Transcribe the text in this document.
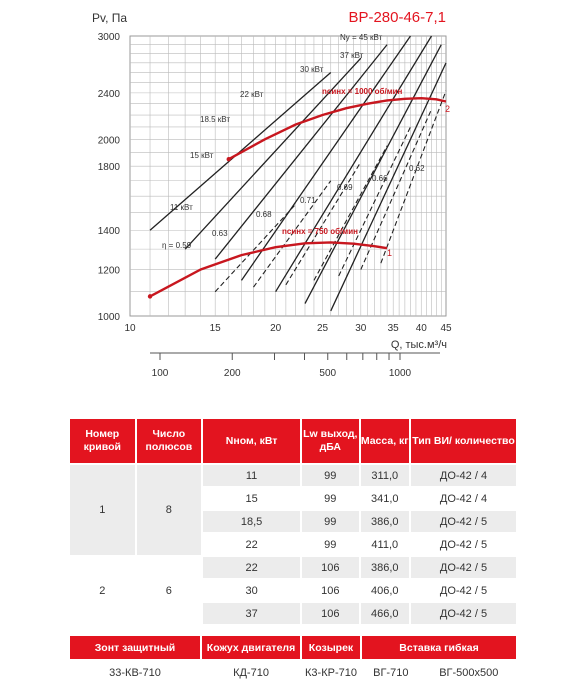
ВР-280-46-7,1
Pv, Па
Q, тыс.м³/ч
Ny = 45 кВт
37 кВт
30 кВт
22 кВт
18.5 кВт
15 кВт
11 кВт
η = 0.59
0.63
0.68
0.71
0.69
0.66
0.62
nсинх = 750 об/мин
1
nсинх = 1000 об/мин
2
1000
1200
1400
1800
2000
2400
3000
10	15	20	25	30 35 40 45
100	200	500	1000
Номер кривой	Число полюсов	Nном, кВт	Lw выход, дБА	Масса, кг	Тип ВИ/ количество
1	8	11	99	311,0	ДО-42 / 4
		15	99	341,0	ДО-42 / 4
		18,5	99	386,0	ДО-42 / 5
		22	99	411,0	ДО-42 / 5
2	6	22	106	386,0	ДО-42 / 5
		30	106	406,0	ДО-42 / 5
		37	106	466,0	ДО-42 / 5
Зонт защитный	Кожух двигателя	Козырек	Вставка гибкая	
33-КВ-710	КД-710	К3-КР-710	ВГ-710	ВГ-500х500
